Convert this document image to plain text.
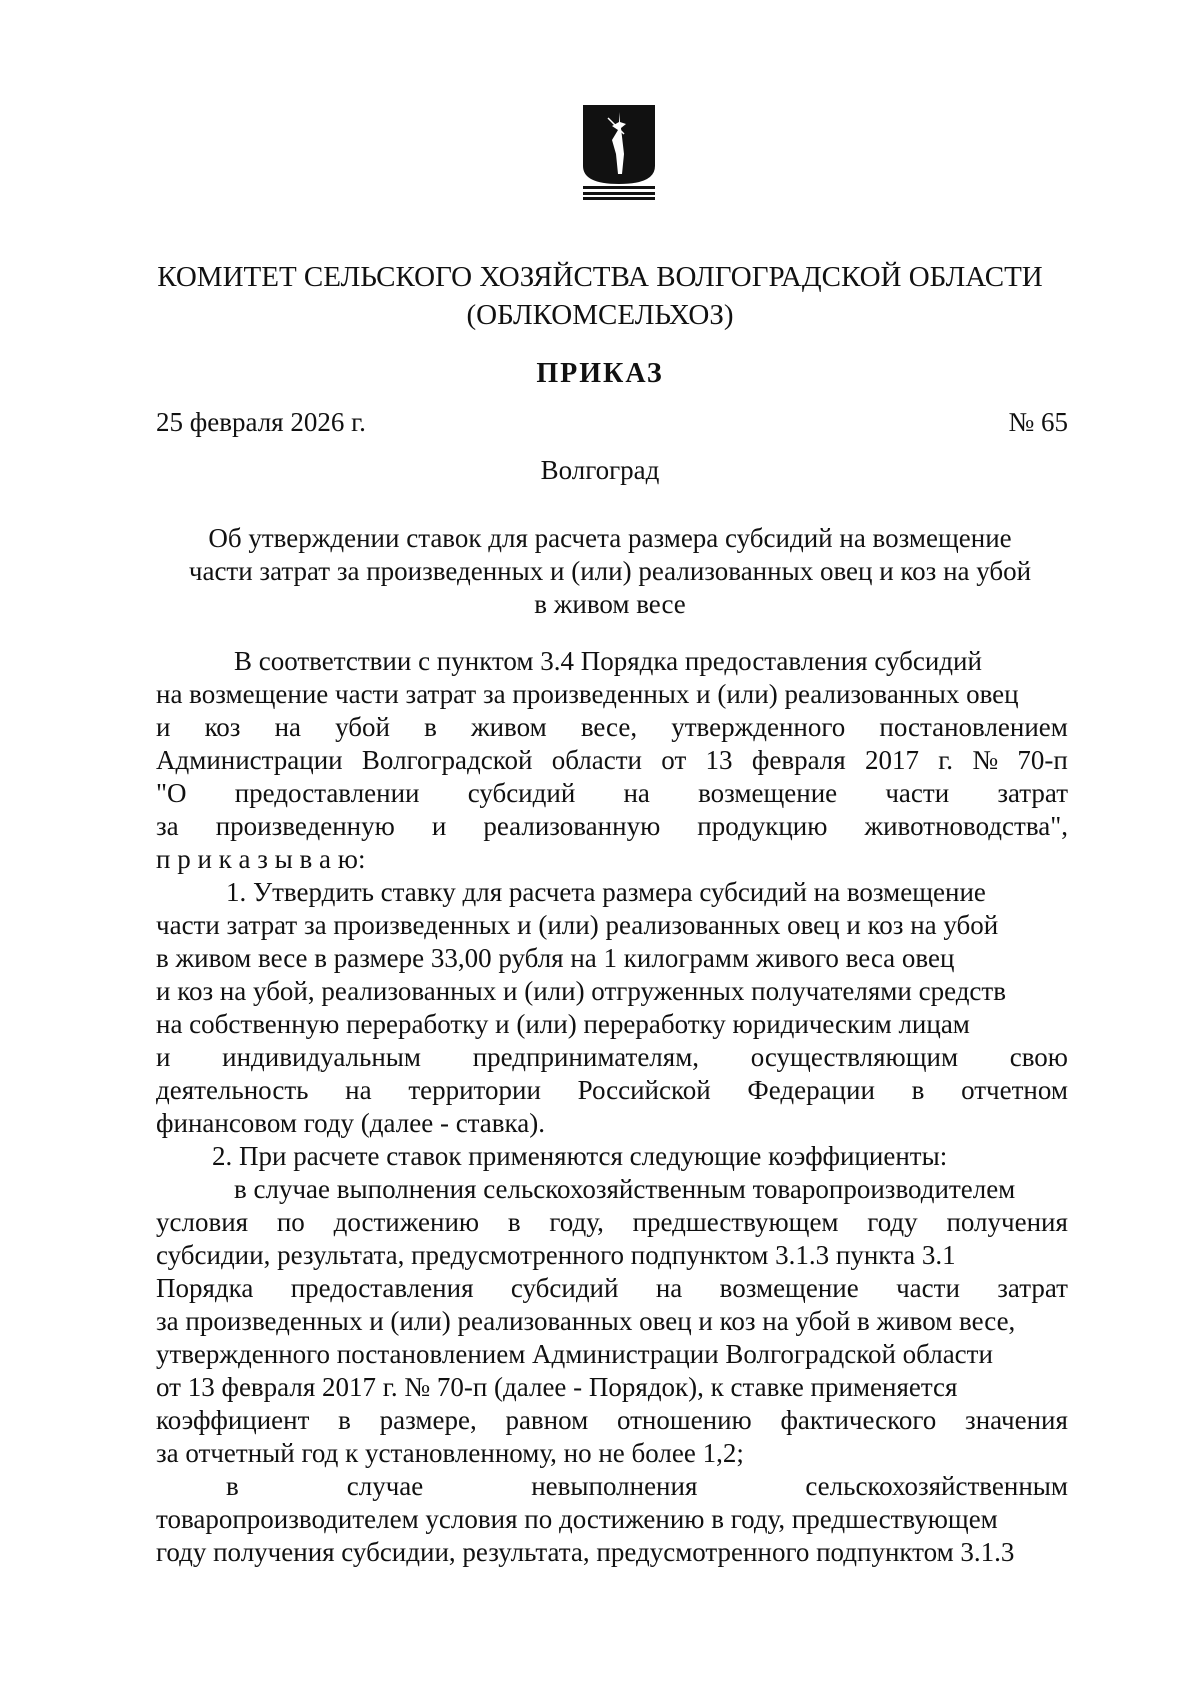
КОМИТЕТ СЕЛЬСКОГО ХОЗЯЙСТВА ВОЛГОГРАДСКОЙ ОБЛАСТИ
(ОБЛКОМСЕЛЬХОЗ)
ПРИКАЗ
25 февраля 2026 г.	№ 65
Волгоград
Об утверждении ставок для расчета размера субсидий на возмещение
части затрат за произведенных и (или) реализованных овец и коз на убой
в живом весе
В соответствии с пунктом 3.4 Порядка предоставления субсидий
на возмещение части затрат за произведенных и (или) реализованных овец
и коз на убой в живом весе, утвержденного постановлением
Администрации Волгоградской области от 13 февраля 2017 г. № 70-п
"О предоставлении субсидий на возмещение части затрат
за произведенную и реализованную продукцию животноводства",
п р и к а з ы в а ю:
1. Утвердить ставку для расчета размера субсидий на возмещение
части затрат за произведенных и (или) реализованных овец и коз на убой
в живом весе в размере 33,00 рубля на 1 килограмм живого веса овец
и коз на убой, реализованных и (или) отгруженных получателями средств
на собственную переработку и (или) переработку юридическим лицам
и индивидуальным предпринимателям, осуществляющим свою
деятельность на территории Российской Федерации в отчетном
финансовом году (далее - ставка).
2. При расчете ставок применяются следующие коэффициенты:
в случае выполнения сельскохозяйственным товаропроизводителем
условия по достижению в году, предшествующем году получения
субсидии, результата, предусмотренного подпунктом 3.1.3 пункта 3.1
Порядка предоставления субсидий на возмещение части затрат
за произведенных и (или) реализованных овец и коз на убой в живом весе,
утвержденного постановлением Администрации Волгоградской области
от 13 февраля 2017 г. № 70-п (далее - Порядок), к ставке применяется
коэффициент в размере, равном отношению фактического значения
за отчетный год к установленному, но не более 1,2;
в	случае	невыполнения	сельскохозяйственным
товаропроизводителем условия по достижению в году, предшествующем
году получения субсидии, результата, предусмотренного подпунктом 3.1.3
